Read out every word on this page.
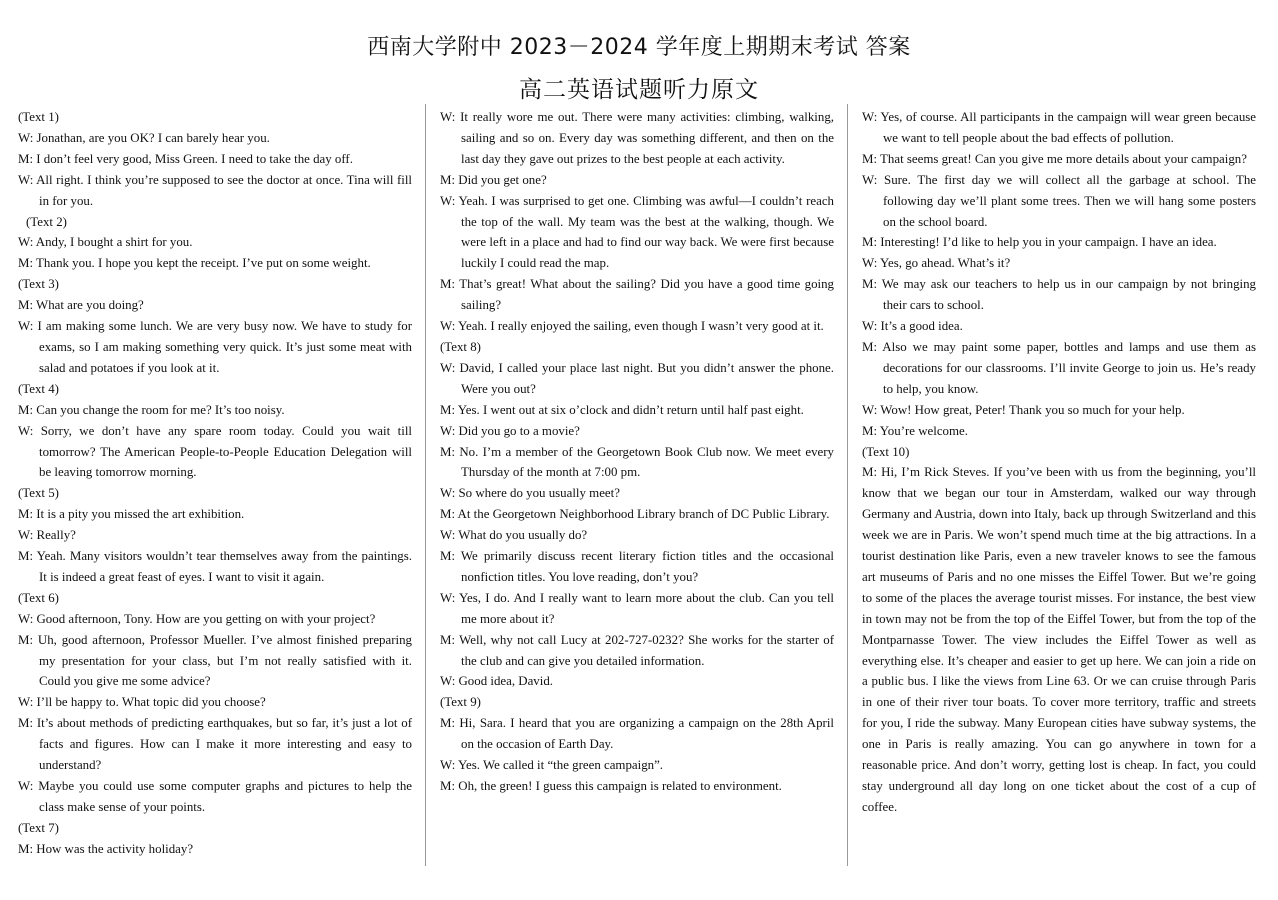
西南大学附中 2023－2024 学年度上期期末考试 答案
高二英语试题听力原文

(Text 1)

W: Jonathan, are you OK? I can barely hear you.

M: I don’t feel very good, Miss Green. I need to take the day off.

W: All right. I think you’re supposed to see the doctor at once. Tina will fill in for you.

(Text 2)

W: Andy, I bought a shirt for you.

M: Thank you. I hope you kept the receipt. I’ve put on some weight.

(Text 3)

M: What are you doing?

W: I am making some lunch. We are very busy now. We have to study for exams, so I am making something very quick. It’s just some meat with salad and potatoes if you look at it.

(Text 4)

M: Can you change the room for me? It’s too noisy.

W: Sorry, we don’t have any spare room today. Could you wait till tomorrow? The American People-to-People Education Delegation will be leaving tomorrow morning.

(Text 5)

M: It is a pity you missed the art exhibition.

W: Really?

M: Yeah. Many visitors wouldn’t tear themselves away from the paintings. It is indeed a great feast of eyes. I want to visit it again.

(Text 6)

W: Good afternoon, Tony. How are you getting on with your project?

M: Uh, good afternoon, Professor Mueller. I’ve almost finished preparing my presentation for your class, but I’m not really satisfied with it. Could you give me some advice?

W: I’ll be happy to. What topic did you choose?

M: It’s about methods of predicting earthquakes, but so far, it’s just a lot of facts and figures. How can I make it more interesting and easy to understand?

W: Maybe you could use some computer graphs and pictures to help the class make sense of your points.

(Text 7)

M: How was the activity holiday?

W: It really wore me out. There were many activities: climbing, walking, sailing and so on. Every day was something different, and then on the last day they gave out prizes to the best people at each activity.

M: Did you get one?

W: Yeah. I was surprised to get one. Climbing was awful—I couldn’t reach the top of the wall. My team was the best at the walking, though. We were left in a place and had to find our way back. We were first because luckily I could read the map.

M: That’s great! What about the sailing? Did you have a good time going sailing?

W: Yeah. I really enjoyed the sailing, even though I wasn’t very good at it.

(Text 8)

W: David, I called your place last night. But you didn’t answer the phone. Were you out?

M: Yes. I went out at six o’clock and didn’t return until half past eight.

W: Did you go to a movie?

M: No. I’m a member of the Georgetown Book Club now. We meet every Thursday of the month at 7:00 pm.

W: So where do you usually meet?

M: At the Georgetown Neighborhood Library branch of DC Public Library.

W: What do you usually do?

M: We primarily discuss recent literary fiction titles and the occasional nonfiction titles. You love reading, don’t you?

W: Yes, I do. And I really want to learn more about the club. Can you tell me more about it?

M: Well, why not call Lucy at 202-727-0232? She works for the starter of the club and can give you detailed information.

W: Good idea, David.

(Text 9)

M: Hi, Sara. I heard that you are organizing a campaign on the 28th April on the occasion of Earth Day.

W: Yes. We called it “the green campaign”.

M: Oh, the green! I guess this campaign is related to environment.

W: Yes, of course. All participants in the campaign will wear green because we want to tell people about the bad effects of pollution.

M: That seems great! Can you give me more details about your campaign?

W: Sure. The first day we will collect all the garbage at school. The following day we’ll plant some trees. Then we will hang some posters on the school board.

M: Interesting! I’d like to help you in your campaign. I have an idea.

W: Yes, go ahead. What’s it?

M: We may ask our teachers to help us in our campaign by not bringing their cars to school.

W: It’s a good idea.

M: Also we may paint some paper, bottles and lamps and use them as decorations for our classrooms. I’ll invite George to join us. He’s ready to help, you know.

W: Wow! How great, Peter! Thank you so much for your help.

M: You’re welcome.

(Text 10)

M: Hi, I’m Rick Steves. If you’ve been with us from the beginning, you’ll know that we began our tour in Amsterdam, walked our way through Germany and Austria, down into Italy, back up through Switzerland and this week we are in Paris. We won’t spend much time at the big attractions. In a tourist destination like Paris, even a new traveler knows to see the famous art museums of Paris and no one misses the Eiffel Tower. But we’re going to some of the places the average tourist misses. For instance, the best view in town may not be from the top of the Eiffel Tower, but from the top of the Montparnasse Tower. The view includes the Eiffel Tower as well as everything else. It’s cheaper and easier to get up here. We can join a ride on a public bus. I like the views from Line 63. Or we can cruise through Paris in one of their river tour boats. To cover more territory, traffic and streets for you, I ride the subway. Many European cities have subway systems, the one in Paris is really amazing. You can go anywhere in town for a reasonable price. And don’t worry, getting lost is cheap. In fact, you could stay underground all day long on one ticket about the cost of a cup of coffee.
